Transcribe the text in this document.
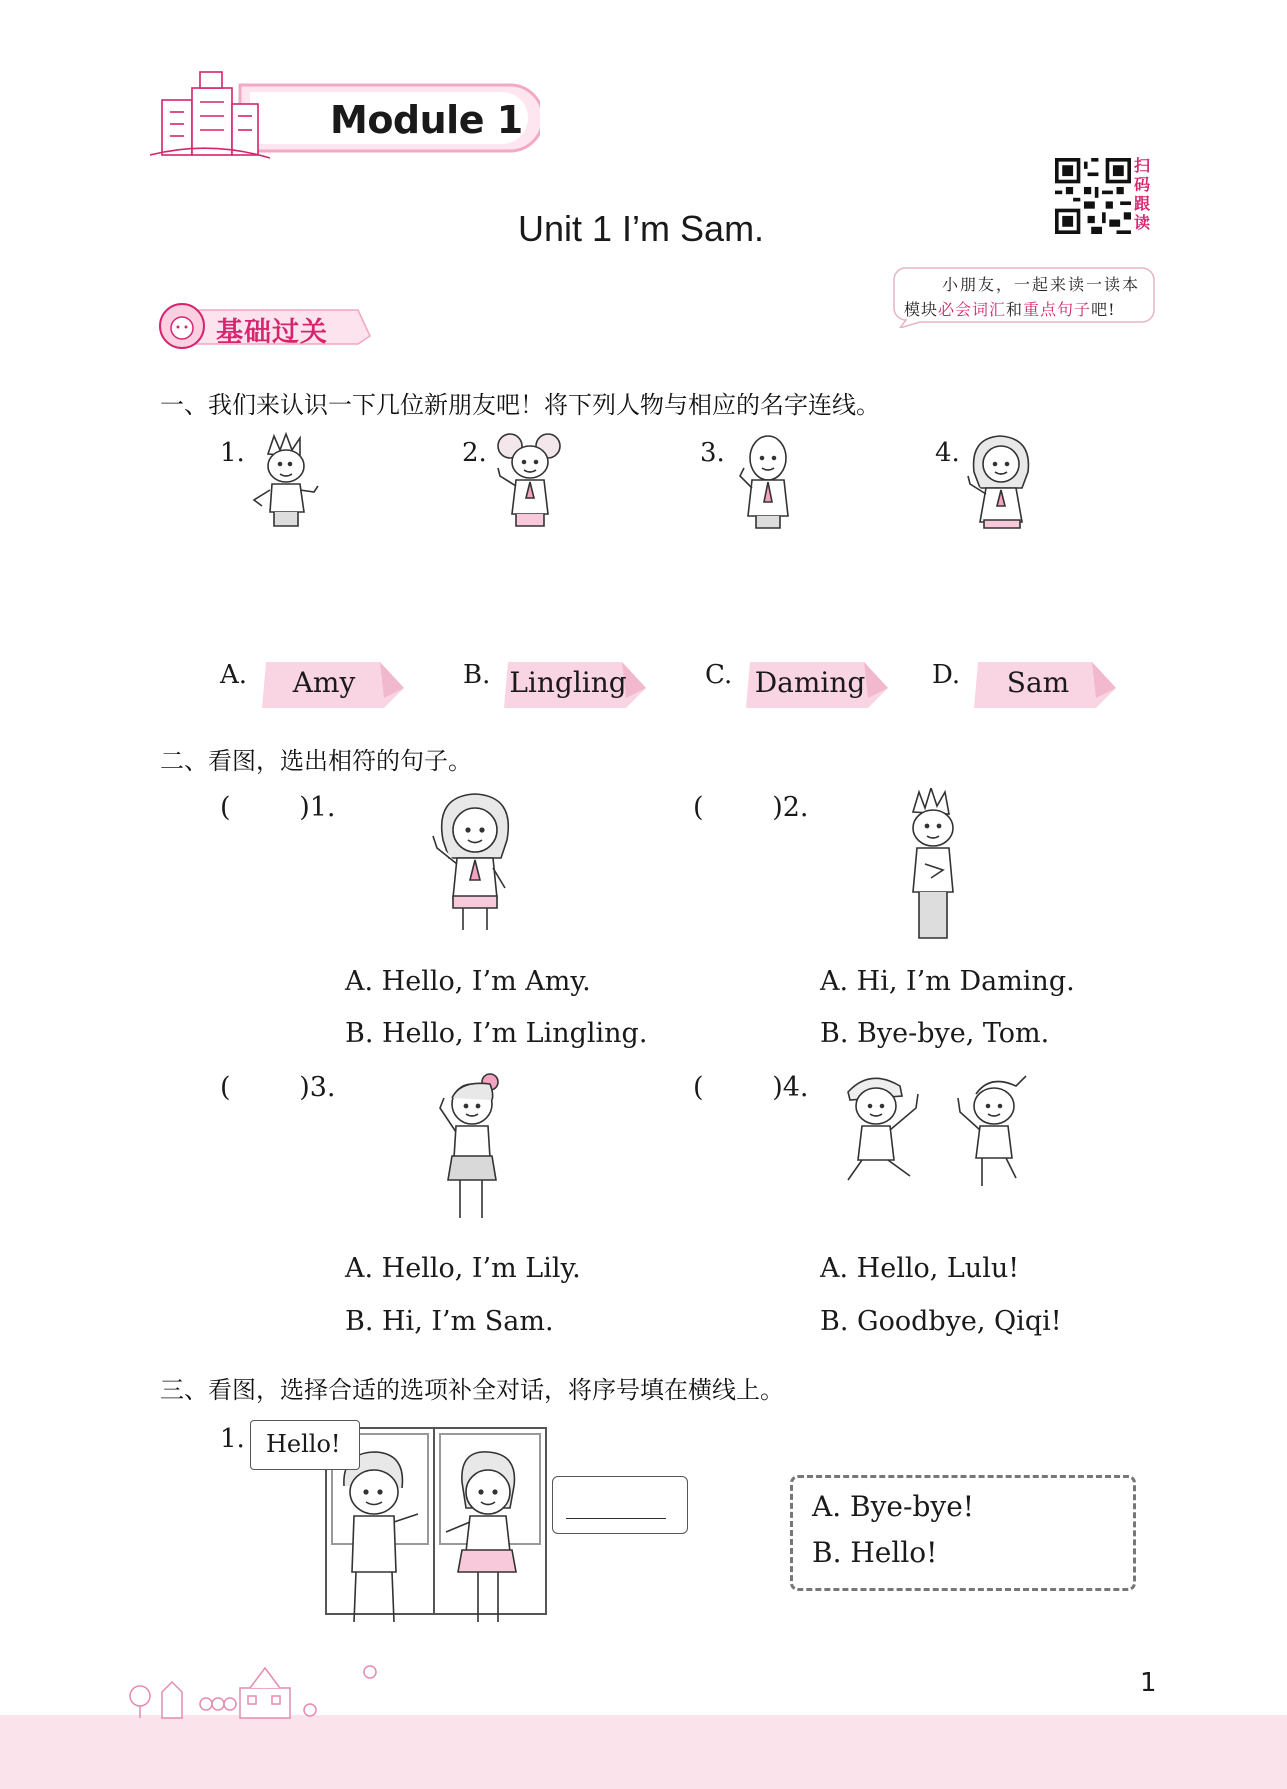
Module 1
Unit 1 I’m Sam.
扫码跟读
小朋友，一起来读一读本
模块必会词汇和重点句子吧!
基础过关
一、我们来认识一下几位新朋友吧！将下列人物与相应的名字连线。
1.	2.	3.	4.
A.	B.	C.	D.
Amy	Lingling	Daming	Sam
二、看图，选出相符的句子。
(        )1.	(        )2.
(        )3.	(        )4.
A. Hello, I’m Amy.
B. Hello, I’m Lingling.
A. Hi, I’m Daming.
B. Bye-bye, Tom.
A. Hello, I’m Lily.
B. Hi, I’m Sam.
A. Hello, Lulu!
B. Goodbye, Qiqi!
三、看图，选择合适的选项补全对话，将序号填在横线上。
1. Hello!
A. Bye-bye!
B. Hello!
1
